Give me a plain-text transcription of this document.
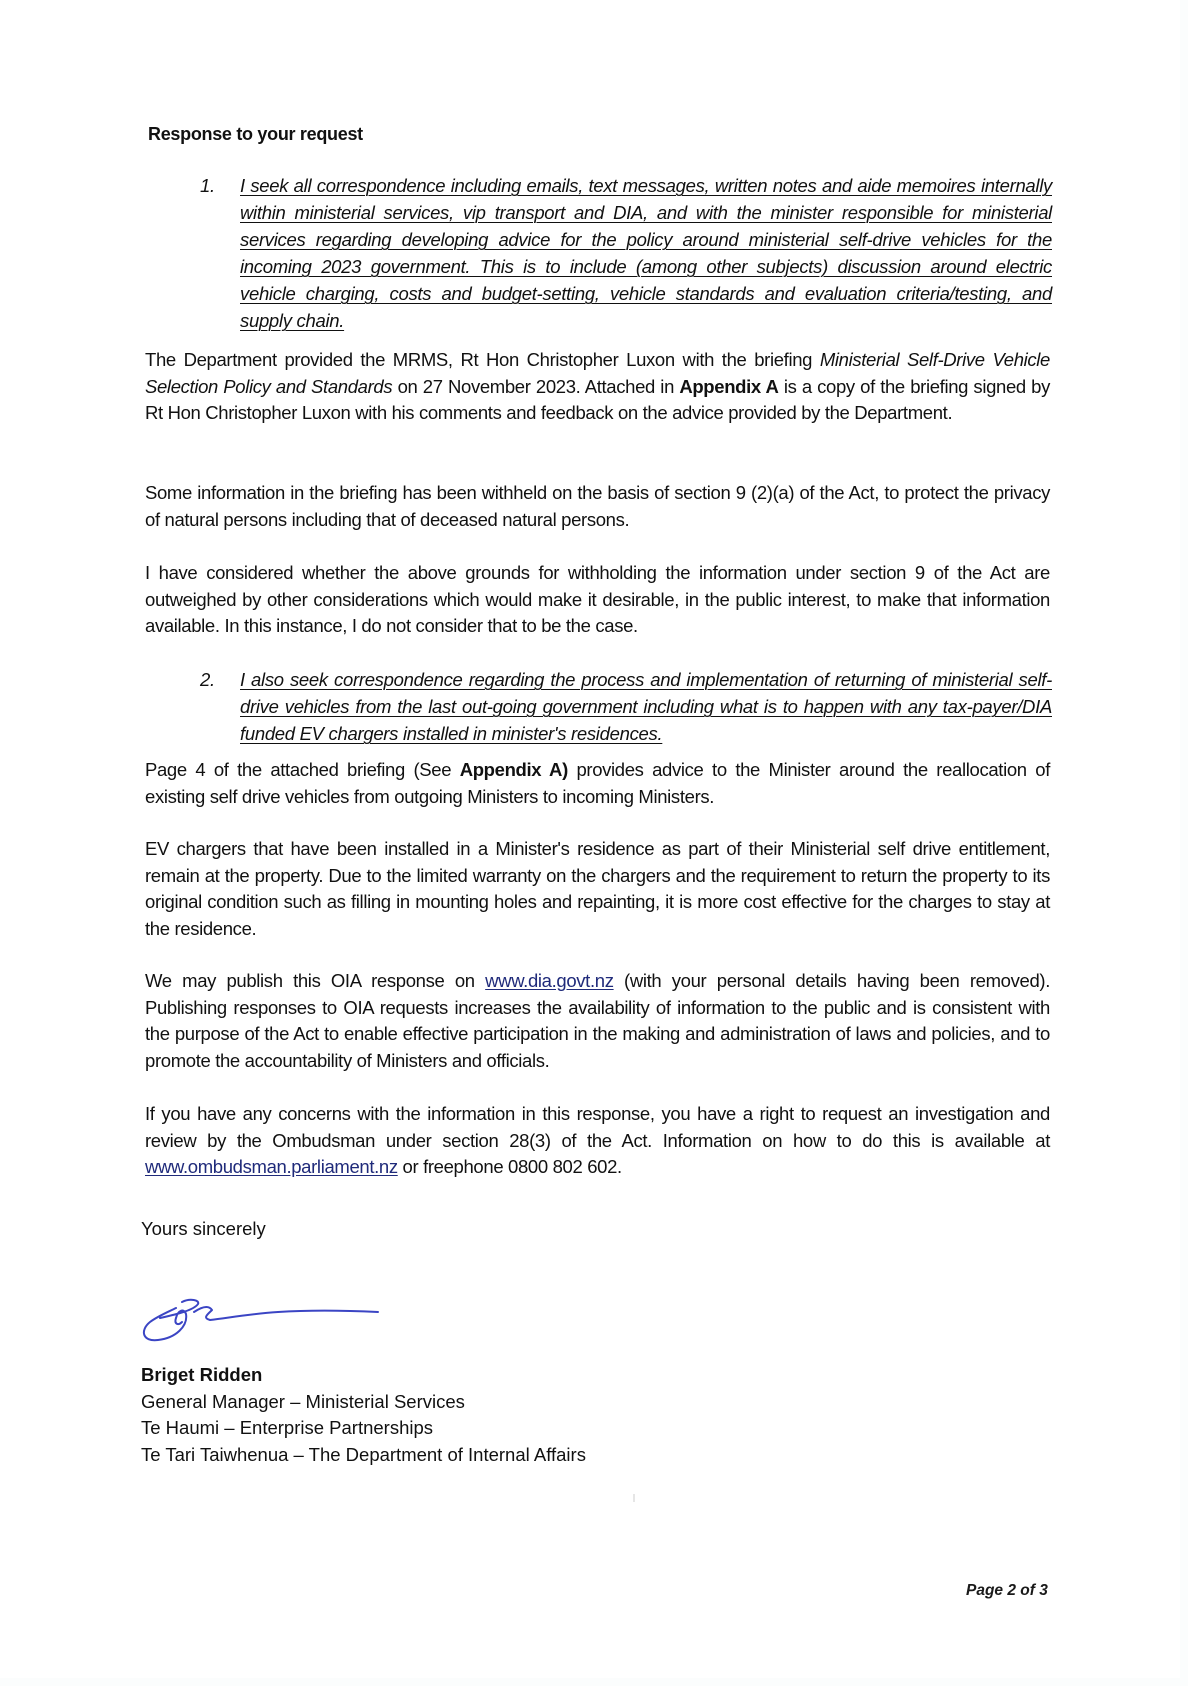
Response to your request
1. I seek all correspondence including emails, text messages, written notes and aide memoires internally within ministerial services, vip transport and DIA, and with the minister responsible for ministerial services regarding developing advice for the policy around ministerial self-drive vehicles for the incoming 2023 government. This is to include (among other subjects) discussion around electric vehicle charging, costs and budget-setting, vehicle standards and evaluation criteria/testing, and supply chain.

The Department provided the MRMS, Rt Hon Christopher Luxon with the briefing Ministerial Self-Drive Vehicle Selection Policy and Standards on 27 November 2023. Attached in Appendix A is a copy of the briefing signed by Rt Hon Christopher Luxon with his comments and feedback on the advice provided by the Department.

Some information in the briefing has been withheld on the basis of section 9 (2)(a) of the Act, to protect the privacy of natural persons including that of deceased natural persons.

I have considered whether the above grounds for withholding the information under section 9 of the Act are outweighed by other considerations which would make it desirable, in the public interest, to make that information available. In this instance, I do not consider that to be the case.

2. I also seek correspondence regarding the process and implementation of returning of ministerial self-drive vehicles from the last out-going government including what is to happen with any tax-payer/DIA funded EV chargers installed in minister's residences.

Page 4 of the attached briefing (See Appendix A) provides advice to the Minister around the reallocation of existing self drive vehicles from outgoing Ministers to incoming Ministers.

EV chargers that have been installed in a Minister's residence as part of their Ministerial self drive entitlement, remain at the property. Due to the limited warranty on the chargers and the requirement to return the property to its original condition such as filling in mounting holes and repainting, it is more cost effective for the charges to stay at the residence.

We may publish this OIA response on www.dia.govt.nz (with your personal details having been removed). Publishing responses to OIA requests increases the availability of information to the public and is consistent with the purpose of the Act to enable effective participation in the making and administration of laws and policies, and to promote the accountability of Ministers and officials.

If you have any concerns with the information in this response, you have a right to request an investigation and review by the Ombudsman under section 28(3) of the Act. Information on how to do this is available at www.ombudsman.parliament.nz or freephone 0800 802 602.

Yours sincerely
Briget Ridden
General Manager – Ministerial Services
Te Haumi – Enterprise Partnerships
Te Tari Taiwhenua – The Department of Internal Affairs
Page 2 of 3
